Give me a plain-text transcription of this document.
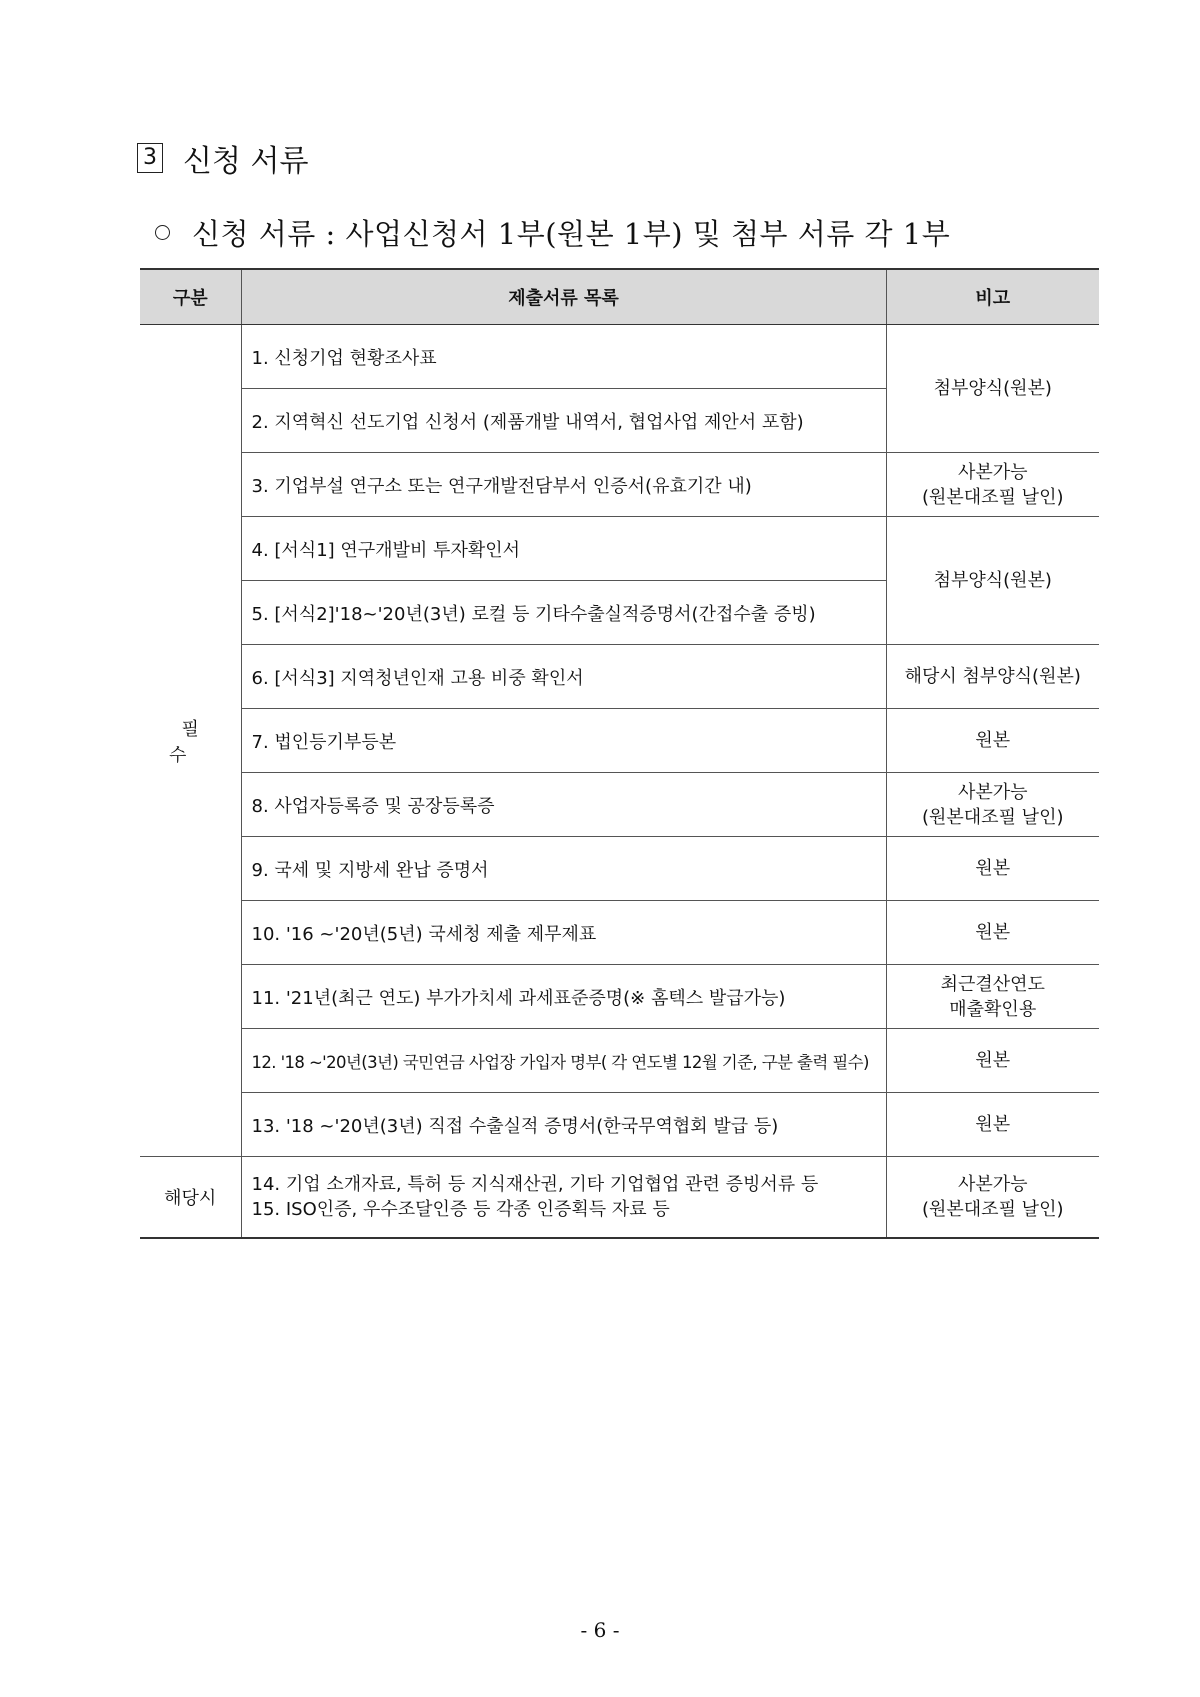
3 신청 서류
신청 서류 : 사업신청서 1부(원본 1부) 및 첨부 서류 각 1부
구분	제출서류 목록	비고
필 수	1. 신청기업 현황조사표	첨부양식(원본)
	2. 지역혁신 선도기업 신청서 (제품개발 내역서, 협업사업 제안서 포함)	
	3. 기업부설 연구소 또는 연구개발전담부서 인증서(유효기간 내)	사본가능
(원본대조필 날인)

	4. [서식1] 연구개발비 투자확인서	첨부양식(원본)
	5. [서식2]'18~'20년(3년) 로컬 등 기타수출실적증명서(간접수출 증빙)	
	6. [서식3] 지역청년인재 고용 비중 확인서	해당시 첨부양식(원본)
	7. 법인등기부등본	원본
	8. 사업자등록증 및 공장등록증	사본가능
(원본대조필 날인)

	9. 국세 및 지방세 완납 증명서	원본
	10. '16 ~'20년(5년) 국세청 제출 제무제표	원본
	11. '21년(최근 연도) 부가가치세 과세표준증명(※ 홈텍스 발급가능)	최근결산연도
매출확인용

	12. '18 ~'20년(3년) 국민연금 사업장 가입자 명부( 각 연도별 12월 기준, 구분 출력 필수)	원본
	13. '18 ~'20년(3년) 직접 수출실적 증명서(한국무역협회 발급 등)	원본
해당시	14. 기업 소개자료, 특허 등 지식재산권, 기타 기업협업 관련 증빙서류 등
15. ISO인증, 우수조달인증 등 각종 인증획득 자료 등	사본가능
(원본대조필 날인)
- 6 -
